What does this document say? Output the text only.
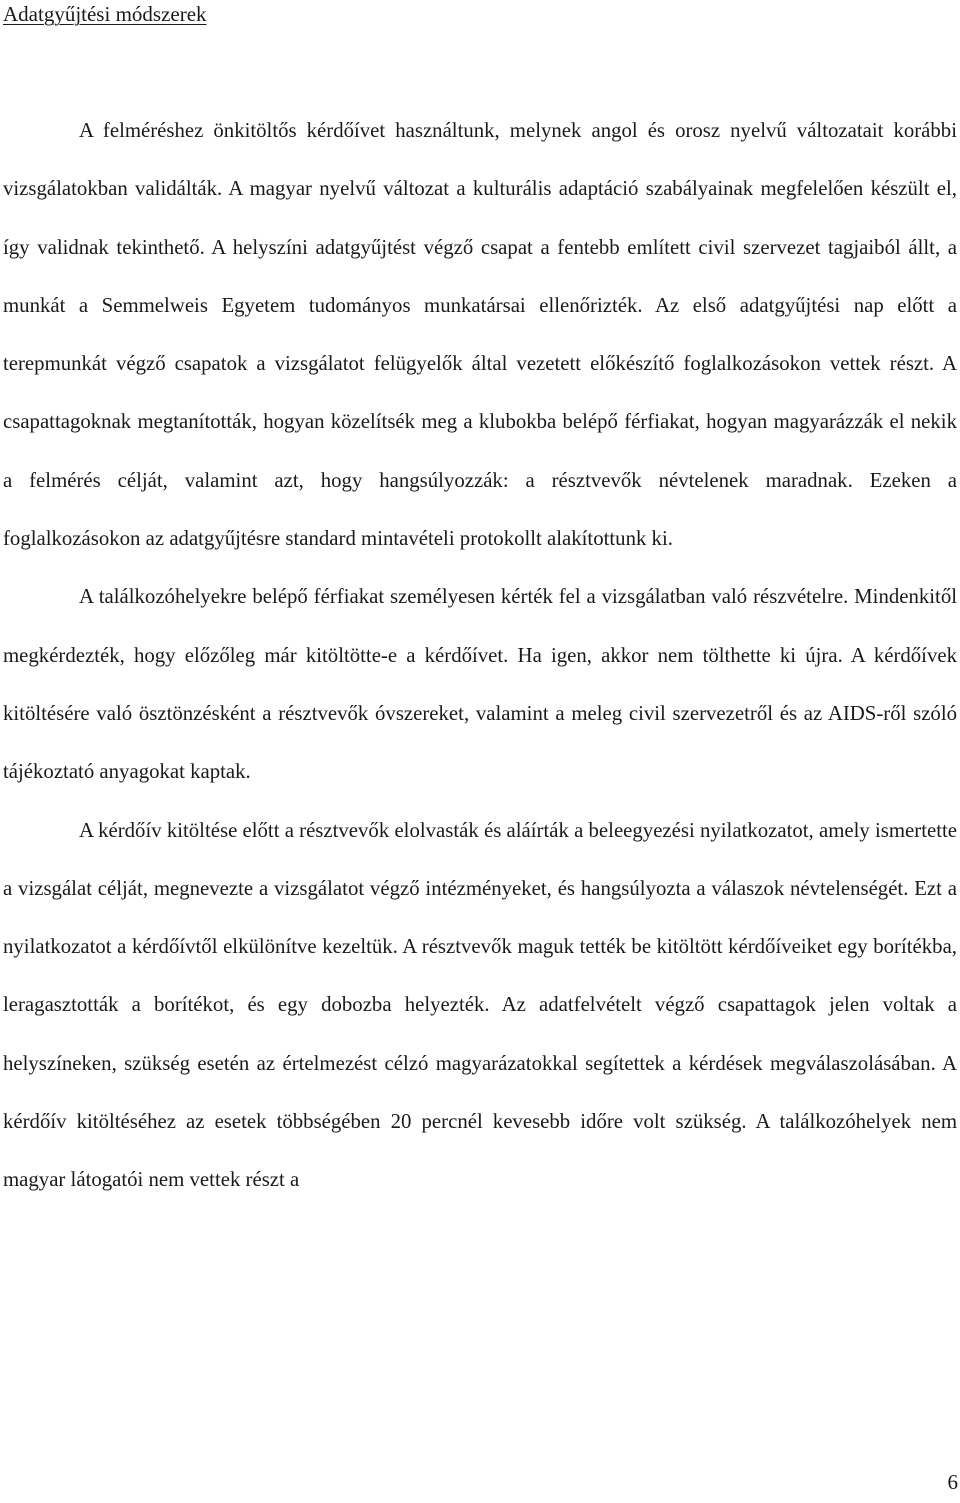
Adatgyűjtési módszerek

A felméréshez önkitöltős kérdőívet használtunk, melynek angol és orosz nyelvű változatait korábbi vizsgálatokban validálták. A magyar nyelvű változat a kulturális adaptáció szabályainak megfelelően készült el, így validnak tekinthető. A helyszíni adatgyűjtést végző csapat a fentebb említett civil szervezet tagjaiból állt, a munkát a Semmelweis Egyetem tudományos munkatársai ellenőrizték. Az első adatgyűjtési nap előtt a terepmunkát végző csapatok a vizsgálatot felügyelők által vezetett előkészítő foglalkozásokon vettek részt. A csapattagoknak megtanították, hogyan közelítsék meg a klubokba belépő férfiakat, hogyan magyarázzák el nekik a felmérés célját, valamint azt, hogy hangsúlyozzák: a résztvevők névtelenek maradnak. Ezeken a foglalkozásokon az adatgyűjtésre standard mintavételi protokollt alakítottunk ki.

A találkozóhelyekre belépő férfiakat személyesen kérték fel a vizsgálatban való részvételre. Mindenkitől megkérdezték, hogy előzőleg már kitöltötte-e a kérdőívet. Ha igen, akkor nem tölthette ki újra. A kérdőívek kitöltésére való ösztönzésként a résztvevők óvszereket, valamint a meleg civil szervezetről és az AIDS-ről szóló tájékoztató anyagokat kaptak.

A kérdőív kitöltése előtt a résztvevők elolvasták és aláírták a beleegyezési nyilatkozatot, amely ismertette a vizsgálat célját, megnevezte a vizsgálatot végző intézményeket, és hangsúlyozta a válaszok névtelenségét. Ezt a nyilatkozatot a kérdőívtől elkülönítve kezeltük. A résztvevők maguk tették be kitöltött kérdőíveiket egy borítékba, leragasztották a borítékot, és egy dobozba helyezték. Az adatfelvételt végző csapattagok jelen voltak a helyszíneken, szükség esetén az értelmezést célzó magyarázatokkal segítettek a kérdések megválaszolásában. A kérdőív kitöltéséhez az esetek többségében 20 percnél kevesebb időre volt szükség. A találkozóhelyek nem magyar látogatói nem vettek részt a

6
